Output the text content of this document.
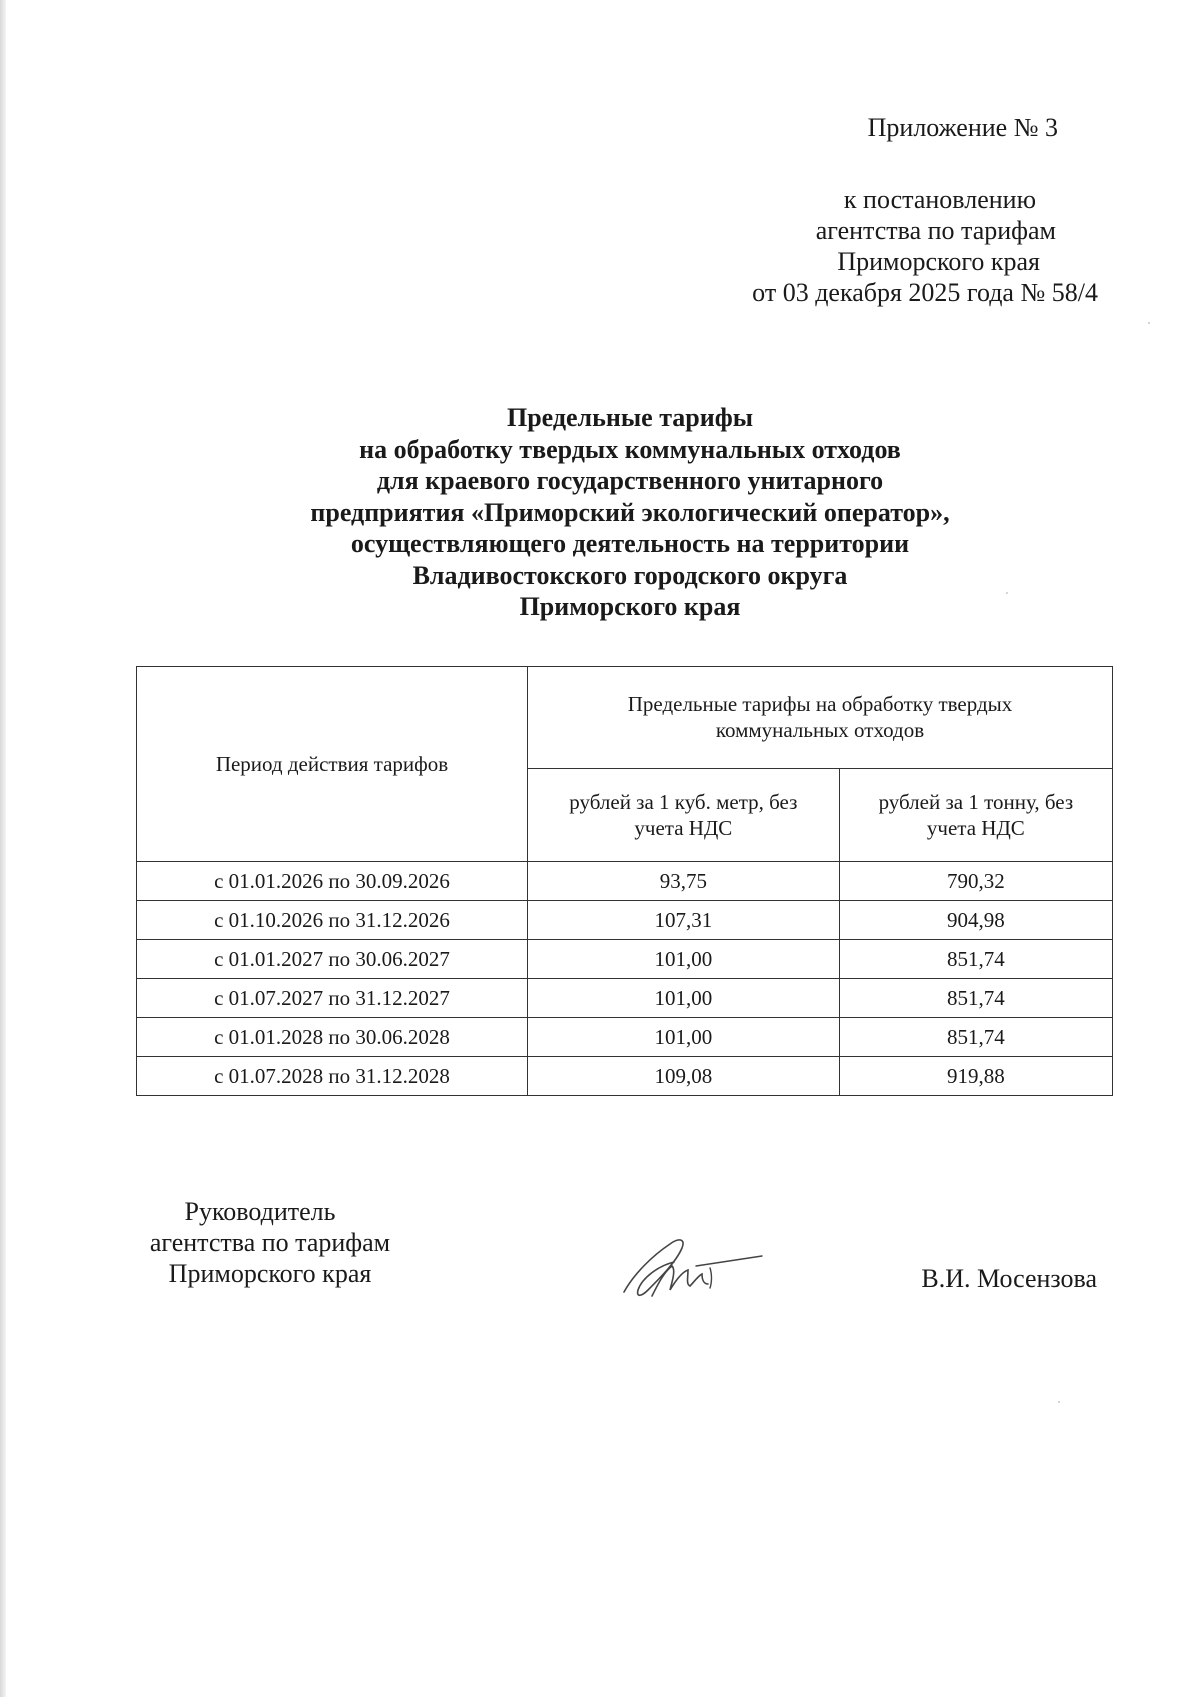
Приложение № 3
к постановлению
агентства по тарифам
Приморского края
от 03 декабря 2025 года № 58/4
Предельные тарифы
на обработку твердых коммунальных отходов
для краевого государственного унитарного
предприятия «Приморский экологический оператор»,
осуществляющего деятельность на территории
Владивостокского городского округа
Приморского края
Период действия тарифов	Предельные тарифы на обработку твердых коммунальных отходов	

	рублей за 1 куб. метр, без учета НДС	рублей за 1 тонну, без учета НДС

с 01.01.2026 по 30.09.2026	93,75	790,32
с 01.10.2026 по 31.12.2026	107,31	904,98
с 01.01.2027 по 30.06.2027	101,00	851,74
с 01.07.2027 по 31.12.2027	101,00	851,74
с 01.01.2028 по 30.06.2028	101,00	851,74
с 01.07.2028 по 31.12.2028	109,08	919,88
Руководитель
агентства по тарифам
Приморского края	В.И. Мосензова
